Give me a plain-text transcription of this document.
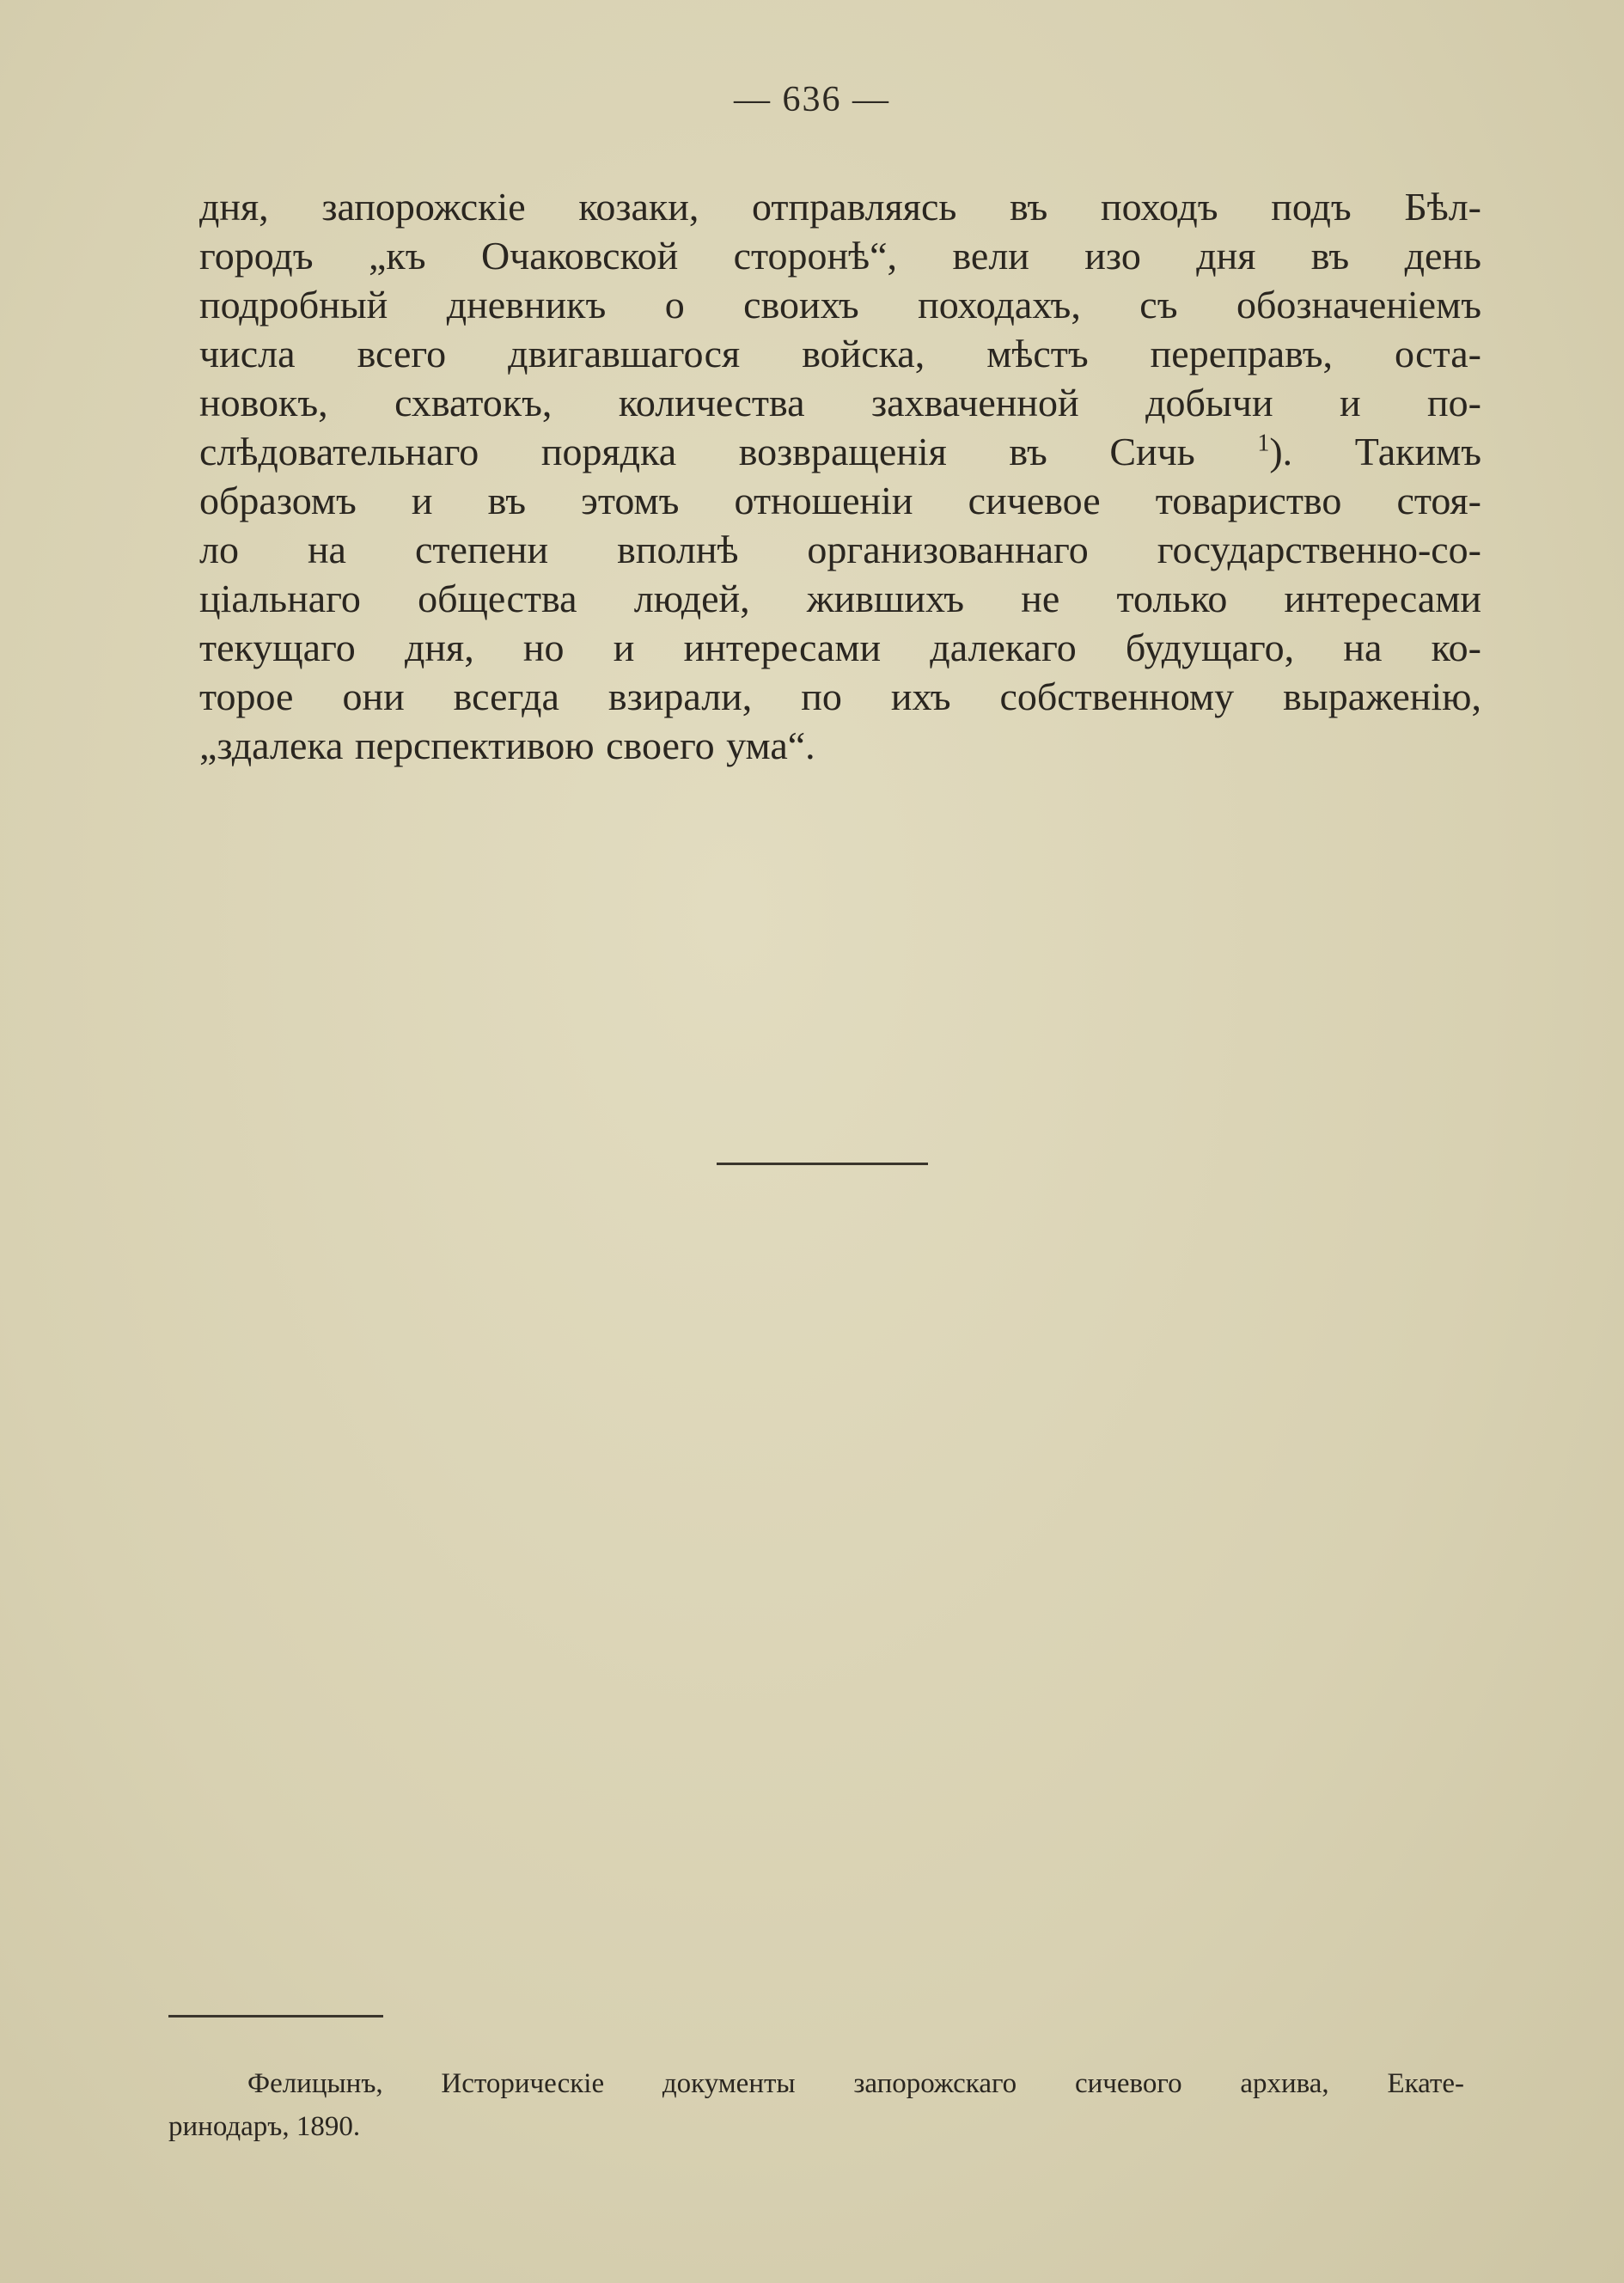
— 636 —
дня, запорожскіе козаки, отправляясь въ походъ подъ Бѣл-
городъ „къ Очаковской сторонѣ“, вели изо дня въ день
подробный дневникъ о своихъ походахъ, съ обозначеніемъ
числа всего двигавшагося войска, мѣстъ переправъ, оста-
новокъ, схватокъ, количества захваченной добычи и по-
слѣдовательнаго порядка возвращенія въ Сичь	$^1$). Такимъ
образомъ и въ этомъ отношеніи сичевое товариство стоя-
ло на степени вполнѣ организованнаго государственно-со-
ціальнаго общества людей, жившихъ не только интересами
текущаго дня, но и интересами далекаго будущаго, на ко-
торое они всегда взирали, по ихъ собственному выраженію,
„здалека перспективою своего ума“.
Фелицынъ, Историческіе документы запорожскаго сичевого архива, Екате-
ринодаръ, 1890.
